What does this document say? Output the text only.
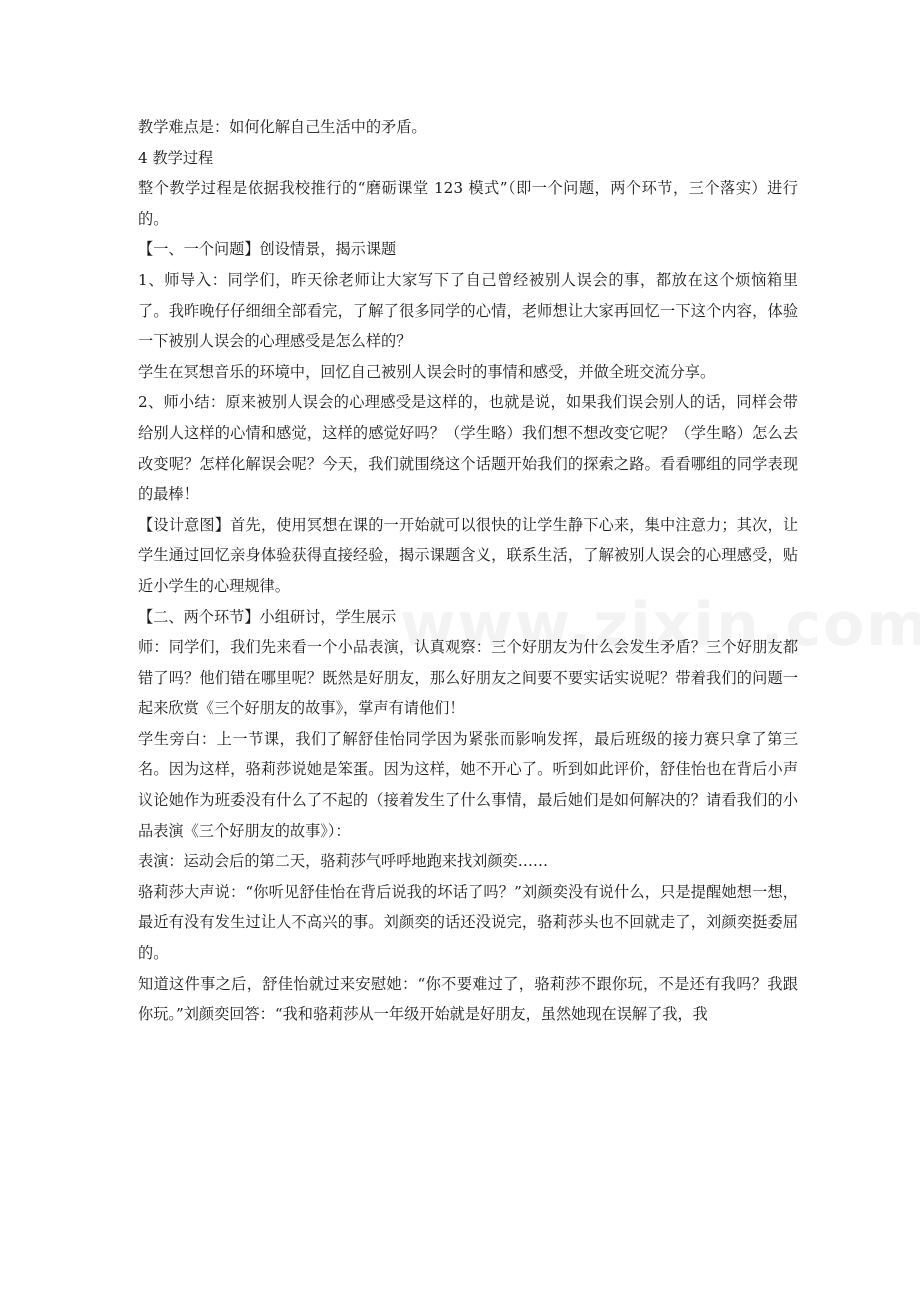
教学难点是：如何化解自己生活中的矛盾。

4 教学过程

整个教学过程是依据我校推行的“磨砺课堂 123 模式”（即一个问题，两个环节，三个落实）进行的。

【一、一个问题】创设情景，揭示课题

1、师导入：同学们，昨天徐老师让大家写下了自己曾经被别人误会的事，都放在这个烦恼箱里了。我昨晚仔仔细细全部看完，了解了很多同学的心情，老师想让大家再回忆一下这个内容，体验一下被别人误会的心理感受是怎么样的？

学生在冥想音乐的环境中，回忆自己被别人误会时的事情和感受，并做全班交流分享。

2、师小结：原来被别人误会的心理感受是这样的，也就是说，如果我们误会别人的话，同样会带给别人这样的心情和感觉，这样的感觉好吗？（学生略）我们想不想改变它呢？（学生略）怎么去改变呢？怎样化解误会呢？今天，我们就围绕这个话题开始我们的探索之路。看看哪组的同学表现的最棒！

【设计意图】首先，使用冥想在课的一开始就可以很快的让学生静下心来，集中注意力；其次，让学生通过回忆亲身体验获得直接经验，揭示课题含义，联系生活，了解被别人误会的心理感受，贴近小学生的心理规律。

【二、两个环节】小组研讨，学生展示

师：同学们，我们先来看一个小品表演，认真观察：三个好朋友为什么会发生矛盾？三个好朋友都错了吗？他们错在哪里呢？既然是好朋友，那么好朋友之间要不要实话实说呢？带着我们的问题一起来欣赏《三个好朋友的故事》，掌声有请他们！

学生旁白：上一节课，我们了解舒佳怡同学因为紧张而影响发挥，最后班级的接力赛只拿了第三名。因为这样，骆莉莎说她是笨蛋。因为这样，她不开心了。听到如此评价，舒佳怡也在背后小声议论她作为班委没有什么了不起的（接着发生了什么事情，最后她们是如何解决的？请看我们的小品表演《三个好朋友的故事》）：

表演：运动会后的第二天，骆莉莎气呼呼地跑来找刘颜奕……

骆莉莎大声说：“你听见舒佳怡在背后说我的坏话了吗？”刘颜奕没有说什么，只是提醒她想一想，最近有没有发生过让人不高兴的事。刘颜奕的话还没说完，骆莉莎头也不回就走了，刘颜奕挺委屈的。

知道这件事之后，舒佳怡就过来安慰她：“你不要难过了，骆莉莎不跟你玩，不是还有我吗？我跟你玩。”刘颜奕回答：“我和骆莉莎从一年级开始就是好朋友，虽然她现在误解了我，我
